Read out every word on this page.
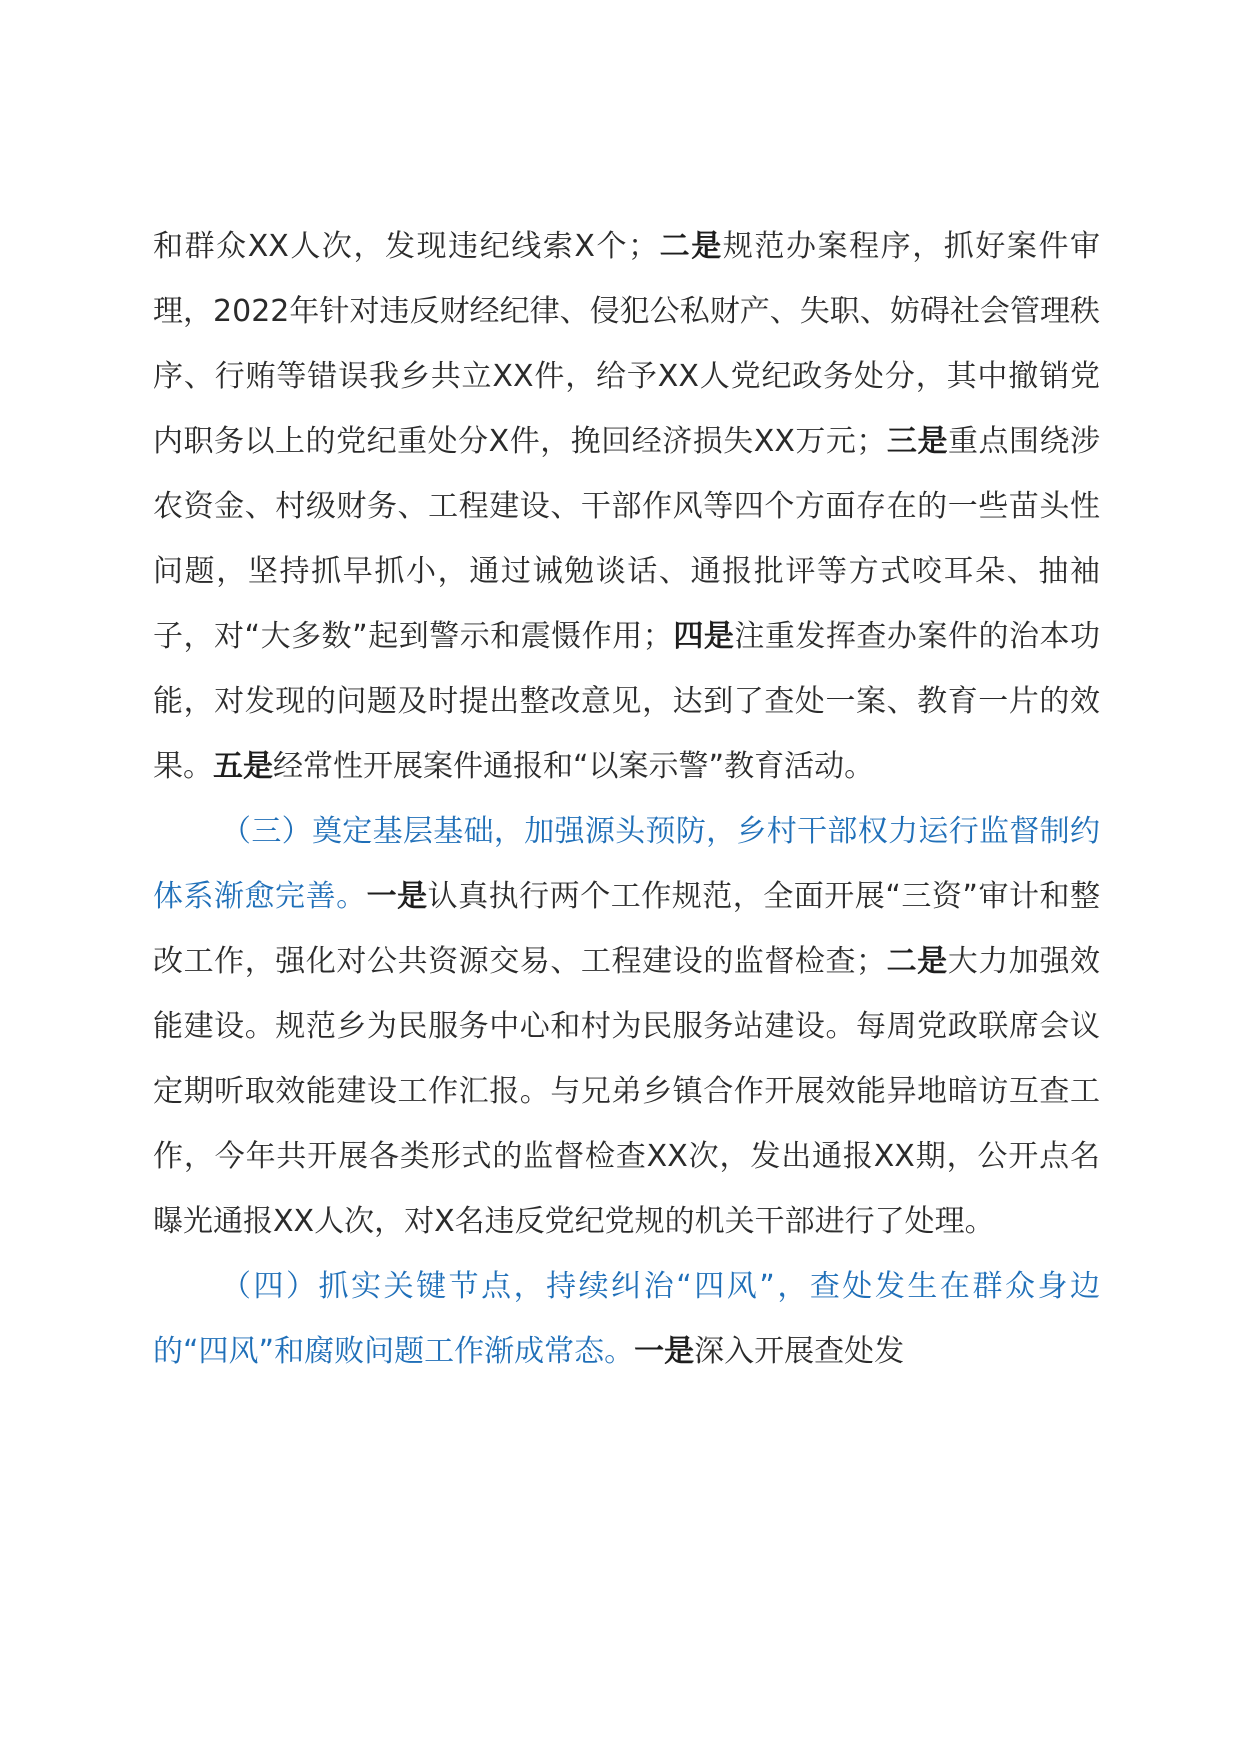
和群众XX人次，发现违纪线索X个；二是规范办案程序，抓好案件审理，2022年针对违反财经纪律、侵犯公私财产、失职、妨碍社会管理秩序、行贿等错误我乡共立XX件，给予XX人党纪政务处分，其中撤销党内职务以上的党纪重处分X件，挽回经济损失XX万元；三是重点围绕涉农资金、村级财务、工程建设、干部作风等四个方面存在的一些苗头性问题，坚持抓早抓小，通过诫勉谈话、通报批评等方式咬耳朵、抽袖子，对“大多数”起到警示和震慑作用；四是注重发挥查办案件的治本功能，对发现的问题及时提出整改意见，达到了查处一案、教育一片的效果。五是经常性开展案件通报和“以案示警”教育活动。

（三）奠定基层基础，加强源头预防，乡村干部权力运行监督制约体系渐愈完善。一是认真执行两个工作规范，全面开展“三资”审计和整改工作，强化对公共资源交易、工程建设的监督检查；二是大力加强效能建设。规范乡为民服务中心和村为民服务站建设。每周党政联席会议定期听取效能建设工作汇报。与兄弟乡镇合作开展效能异地暗访互查工作，今年共开展各类形式的监督检查XX次，发出通报XX期，公开点名曝光通报XX人次，对X名违反党纪党规的机关干部进行了处理。

（四）抓实关键节点，持续纠治“四风”，查处发生在群众身边的“四风”和腐败问题工作渐成常态。一是深入开展查处发
